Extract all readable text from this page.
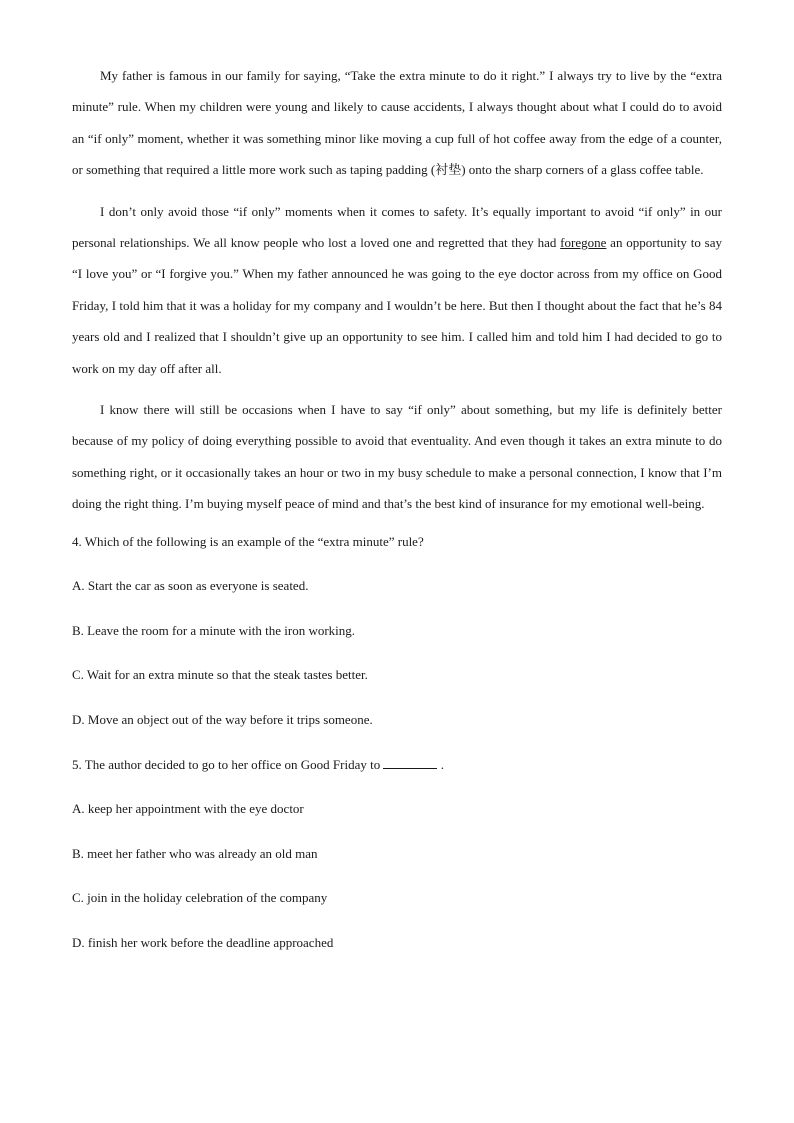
My father is famous in our family for saying, “Take the extra minute to do it right.” I always try to live by the “extra minute” rule. When my children were young and likely to cause accidents, I always thought about what I could do to avoid an “if only” moment, whether it was something minor like moving a cup full of hot coffee away from the edge of a counter, or something that required a little more work such as taping padding (衬垫) onto the sharp corners of a glass coffee table.

I don’t only avoid those “if only” moments when it comes to safety. It’s equally important to avoid “if only” in our personal relationships. We all know people who lost a loved one and regretted that they had foregone an opportunity to say “I love you” or “I forgive you.” When my father announced he was going to the eye doctor across from my office on Good Friday, I told him that it was a holiday for my company and I wouldn’t be here. But then I thought about the fact that he’s 84 years old and I realized that I shouldn’t give up an opportunity to see him. I called him and told him I had decided to go to work on my day off after all.

I know there will still be occasions when I have to say “if only” about something, but my life is definitely better because of my policy of doing everything possible to avoid that eventuality. And even though it takes an extra minute to do something right, or it occasionally takes an hour or two in my busy schedule to make a personal connection, I know that I’m doing the right thing. I’m buying myself peace of mind and that’s the best kind of insurance for my emotional well-being.

4. Which of the following is an example of the “extra minute” rule?
A. Start the car as soon as everyone is seated.
B. Leave the room for a minute with the iron working.
C. Wait for an extra minute so that the steak tastes better.
D. Move an object out of the way before it trips someone.
5. The author decided to go to her office on Good Friday to	.
A. keep her appointment with the eye doctor
B. meet her father who was already an old man
C. join in the holiday celebration of the company
D. finish her work before the deadline approached
